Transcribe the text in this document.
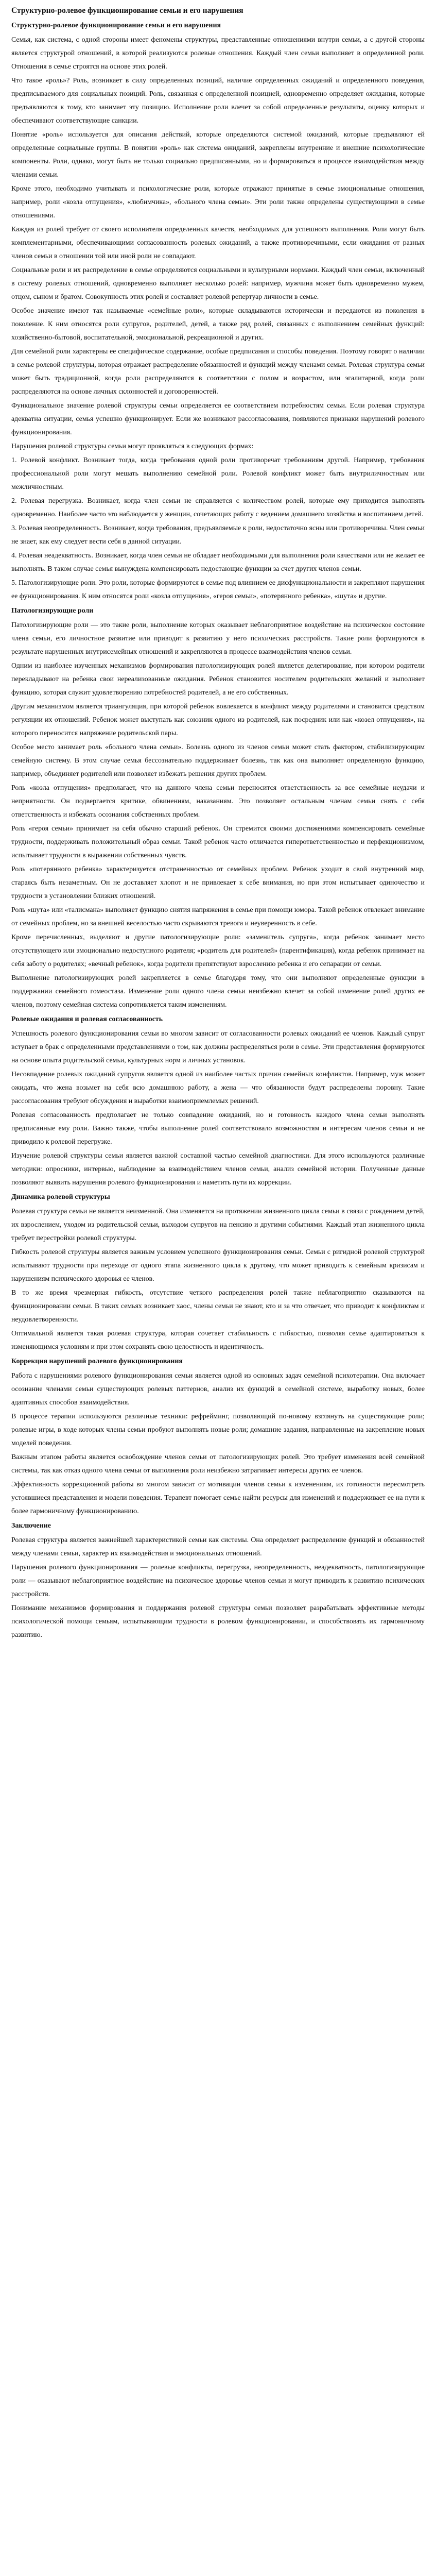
Структурно-ролевое функционирование семьи и его нарушения
Структурно-ролевое функционирование семьи и его нарушения

Семья, как система, с одной стороны имеет феномены структуры, представленные отношениями внутри семьи, а с другой стороны является структурой отношений, в которой реализуются ролевые отношения. Каждый член семьи выполняет в определенной роли. Отношения в семье строятся на основе этих ролей.

Что такое «роль»? Роль, возникает в силу определенных позиций, наличие определенных ожиданий и определенного поведения, предписываемого для социальных позиций. Роль, связанная с определенной позицией, одновременно определяет ожидания, которые предъявляются к тому, кто занимает эту позицию. Исполнение роли влечет за собой определенные результаты, оценку которых и обеспечивают соответствующие санкции.

Понятие «роль» используется для описания действий, которые определяются системой ожиданий, которые предъявляют ей определенные социальные группы. В понятии «роль» как система ожиданий, закреплены внутренние и внешние психологические компоненты. Роли, однако, могут быть не только социально предписанными, но и формироваться в процессе взаимодействия между членами семьи.

Кроме этого, необходимо учитывать и психологические роли, которые отражают принятые в семье эмоциональные отношения, например, роли «козла отпущения», «любимчика», «больного члена семьи». Эти роли также определены существующими в семье отношениями.

Каждая из ролей требует от своего исполнителя определенных качеств, необходимых для успешного выполнения. Роли могут быть комплементарными, обеспечивающими согласованность ролевых ожиданий, а также противоречивыми, если ожидания от разных членов семьи в отношении той или иной роли не совпадают.

Социальные роли и их распределение в семье определяются социальными и культурными нормами. Каждый член семьи, включенный в систему ролевых отношений, одновременно выполняет несколько ролей: например, мужчина может быть одновременно мужем, отцом, сыном и братом. Совокупность этих ролей и составляет ролевой репертуар личности в семье.

Особое значение имеют так называемые «семейные роли», которые складываются исторически и передаются из поколения в поколение. К ним относятся роли супругов, родителей, детей, а также ряд ролей, связанных с выполнением семейных функций: хозяйственно-бытовой, воспитательной, эмоциональной, рекреационной и других.

Для семейной роли характерны ее специфическое содержание, особые предписания и способы поведения. Поэтому говорят о наличии в семье ролевой структуры, которая отражает распределение обязанностей и функций между членами семьи. Ролевая структура семьи может быть традиционной, когда роли распределяются в соответствии с полом и возрастом, или эгалитарной, когда роли распределяются на основе личных склонностей и договоренностей.

Функциональное значение ролевой структуры семьи определяется ее соответствием потребностям семьи. Если ролевая структура адекватна ситуации, семья успешно функционирует. Если же возникают рассогласования, появляются признаки нарушений ролевого функционирования.

Нарушения ролевой структуры семьи могут проявляться в следующих формах:

1. Ролевой конфликт. Возникает тогда, когда требования одной роли противоречат требованиям другой. Например, требования профессиональной роли могут мешать выполнению семейной роли. Ролевой конфликт может быть внутриличностным или межличностным.

2. Ролевая перегрузка. Возникает, когда член семьи не справляется с количеством ролей, которые ему приходится выполнять одновременно. Наиболее часто это наблюдается у женщин, сочетающих работу с ведением домашнего хозяйства и воспитанием детей.

3. Ролевая неопределенность. Возникает, когда требования, предъявляемые к роли, недостаточно ясны или противоречивы. Член семьи не знает, как ему следует вести себя в данной ситуации.

4. Ролевая неадекватность. Возникает, когда член семьи не обладает необходимыми для выполнения роли качествами или не желает ее выполнять. В таком случае семья вынуждена компенсировать недостающие функции за счет других членов семьи.

5. Патологизирующие роли. Это роли, которые формируются в семье под влиянием ее дисфункциональности и закрепляют нарушения ее функционирования. К ним относятся роли «козла отпущения», «героя семьи», «потерянного ребенка», «шута» и другие.

Патологизирующие роли

Патологизирующие роли — это такие роли, выполнение которых оказывает неблагоприятное воздействие на психическое состояние члена семьи, его личностное развитие или приводит к развитию у него психических расстройств. Такие роли формируются в результате нарушенных внутрисемейных отношений и закрепляются в процессе взаимодействия членов семьи.

Одним из наиболее изученных механизмов формирования патологизирующих ролей является делегирование, при котором родители перекладывают на ребенка свои нереализованные ожидания. Ребенок становится носителем родительских желаний и выполняет функцию, которая служит удовлетворению потребностей родителей, а не его собственных.

Другим механизмом является триангуляция, при которой ребенок вовлекается в конфликт между родителями и становится средством регуляции их отношений. Ребенок может выступать как союзник одного из родителей, как посредник или как «козел отпущения», на которого переносится напряжение родительской пары.

Особое место занимает роль «больного члена семьи». Болезнь одного из членов семьи может стать фактором, стабилизирующим семейную систему. В этом случае семья бессознательно поддерживает болезнь, так как она выполняет определенную функцию, например, объединяет родителей или позволяет избежать решения других проблем.

Роль «козла отпущения» предполагает, что на данного члена семьи переносится ответственность за все семейные неудачи и неприятности. Он подвергается критике, обвинениям, наказаниям. Это позволяет остальным членам семьи снять с себя ответственность и избежать осознания собственных проблем.

Роль «героя семьи» принимает на себя обычно старший ребенок. Он стремится своими достижениями компенсировать семейные трудности, поддерживать положительный образ семьи. Такой ребенок часто отличается гиперответственностью и перфекционизмом, испытывает трудности в выражении собственных чувств.

Роль «потерянного ребенка» характеризуется отстраненностью от семейных проблем. Ребенок уходит в свой внутренний мир, стараясь быть незаметным. Он не доставляет хлопот и не привлекает к себе внимания, но при этом испытывает одиночество и трудности в установлении близких отношений.

Роль «шута» или «талисмана» выполняет функцию снятия напряжения в семье при помощи юмора. Такой ребенок отвлекает внимание от семейных проблем, но за внешней веселостью часто скрываются тревога и неуверенность в себе.

Кроме перечисленных, выделяют и другие патологизирующие роли: «заменитель супруга», когда ребенок занимает место отсутствующего или эмоционально недоступного родителя; «родитель для родителей» (парентификация), когда ребенок принимает на себя заботу о родителях; «вечный ребенок», когда родители препятствуют взрослению ребенка и его сепарации от семьи.

Выполнение патологизирующих ролей закрепляется в семье благодаря тому, что они выполняют определенные функции в поддержании семейного гомеостаза. Изменение роли одного члена семьи неизбежно влечет за собой изменение ролей других ее членов, поэтому семейная система сопротивляется таким изменениям.

Ролевые ожидания и ролевая согласованность

Успешность ролевого функционирования семьи во многом зависит от согласованности ролевых ожиданий ее членов. Каждый супруг вступает в брак с определенными представлениями о том, как должны распределяться роли в семье. Эти представления формируются на основе опыта родительской семьи, культурных норм и личных установок.

Несовпадение ролевых ожиданий супругов является одной из наиболее частых причин семейных конфликтов. Например, муж может ожидать, что жена возьмет на себя всю домашнюю работу, а жена — что обязанности будут распределены поровну. Такие рассогласования требуют обсуждения и выработки взаимоприемлемых решений.

Ролевая согласованность предполагает не только совпадение ожиданий, но и готовность каждого члена семьи выполнять предписанные ему роли. Важно также, чтобы выполнение ролей соответствовало возможностям и интересам членов семьи и не приводило к ролевой перегрузке.

Изучение ролевой структуры семьи является важной составной частью семейной диагностики. Для этого используются различные методики: опросники, интервью, наблюдение за взаимодействием членов семьи, анализ семейной истории. Полученные данные позволяют выявить нарушения ролевого функционирования и наметить пути их коррекции.

Динамика ролевой структуры

Ролевая структура семьи не является неизменной. Она изменяется на протяжении жизненного цикла семьи в связи с рождением детей, их взрослением, уходом из родительской семьи, выходом супругов на пенсию и другими событиями. Каждый этап жизненного цикла требует перестройки ролевой структуры.

Гибкость ролевой структуры является важным условием успешного функционирования семьи. Семьи с ригидной ролевой структурой испытывают трудности при переходе от одного этапа жизненного цикла к другому, что может приводить к семейным кризисам и нарушениям психического здоровья ее членов.

В то же время чрезмерная гибкость, отсутствие четкого распределения ролей также неблагоприятно сказываются на функционировании семьи. В таких семьях возникает хаос, члены семьи не знают, кто и за что отвечает, что приводит к конфликтам и неудовлетворенности.

Оптимальной является такая ролевая структура, которая сочетает стабильность с гибкостью, позволяя семье адаптироваться к изменяющимся условиям и при этом сохранять свою целостность и идентичность.

Коррекция нарушений ролевого функционирования

Работа с нарушениями ролевого функционирования семьи является одной из основных задач семейной психотерапии. Она включает осознание членами семьи существующих ролевых паттернов, анализ их функций в семейной системе, выработку новых, более адаптивных способов взаимодействия.

В процессе терапии используются различные техники: рефрейминг, позволяющий по-новому взглянуть на существующие роли; ролевые игры, в ходе которых члены семьи пробуют выполнять новые роли; домашние задания, направленные на закрепление новых моделей поведения.

Важным этапом работы является освобождение членов семьи от патологизирующих ролей. Это требует изменения всей семейной системы, так как отказ одного члена семьи от выполнения роли неизбежно затрагивает интересы других ее членов.

Эффективность коррекционной работы во многом зависит от мотивации членов семьи к изменениям, их готовности пересмотреть устоявшиеся представления и модели поведения. Терапевт помогает семье найти ресурсы для изменений и поддерживает ее на пути к более гармоничному функционированию.

Заключение

Ролевая структура является важнейшей характеристикой семьи как системы. Она определяет распределение функций и обязанностей между членами семьи, характер их взаимодействия и эмоциональных отношений.

Нарушения ролевого функционирования — ролевые конфликты, перегрузка, неопределенность, неадекватность, патологизирующие роли — оказывают неблагоприятное воздействие на психическое здоровье членов семьи и могут приводить к развитию психических расстройств.

Понимание механизмов формирования и поддержания ролевой структуры семьи позволяет разрабатывать эффективные методы психологической помощи семьям, испытывающим трудности в ролевом функционировании, и способствовать их гармоничному развитию.
